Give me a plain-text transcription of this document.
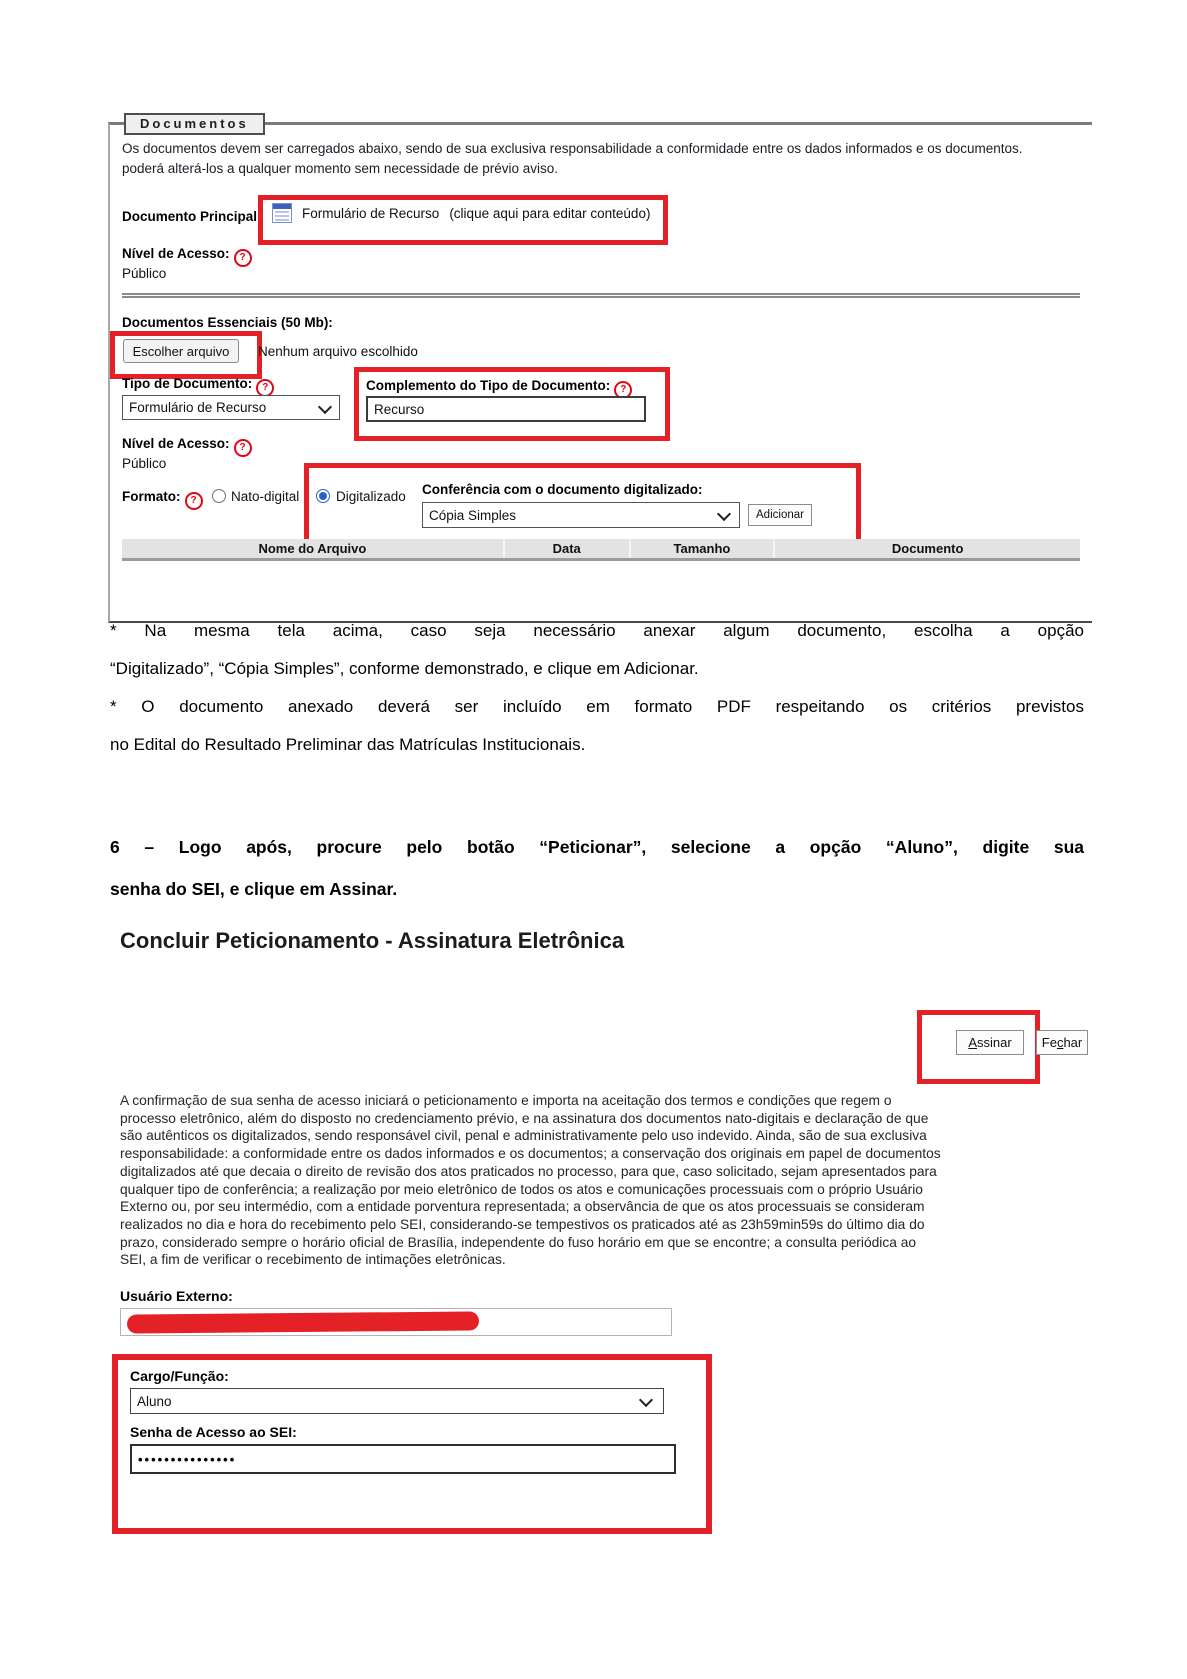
Documentos
Os documentos devem ser carregados abaixo, sendo de sua exclusiva responsabilidade a conformidade entre os dados informados e os documentos.
poderá alterá-los a qualquer momento sem necessidade de prévio aviso.
Documento Principal	Formulário de Recurso (clique aqui para editar conteúdo)
Nível de Acesso: ?
Público
Documentos Essenciais (50 Mb):
Escolher arquivo	Nenhum arquivo escolhido
Tipo de Documento: ?
Formulário de Recurso
Complemento do Tipo de Documento: ?
Recurso
Nível de Acesso: ?
Público
Formato: ?	Nato-digital	Digitalizado Conferência com o documento digitalizado:
Cópia Simples	Adicionar
Nome do Arquivo	Data	Tamanho	Documento
* Na mesma tela acima, caso seja necessário anexar algum documento, escolha a opção
“Digitalizado”, “Cópia Simples”, conforme demonstrado, e clique em Adicionar.
* O documento anexado deverá ser incluído em formato PDF respeitando os critérios previstos
no Edital do Resultado Preliminar das Matrículas Institucionais.
6 – Logo após, procure pelo botão “Peticionar”, selecione a opção “Aluno”, digite sua
senha do SEI, e clique em Assinar.
Concluir Peticionamento - Assinatura Eletrônica
A ssinar Fe c har
A confirmação de sua senha de acesso iniciará o peticionamento e importa na aceitação dos termos e condições que regem o
processo eletrônico, além do disposto no credenciamento prévio, e na assinatura dos documentos nato-digitais e declaração de que
são autênticos os digitalizados, sendo responsável civil, penal e administrativamente pelo uso indevido. Ainda, são de sua exclusiva
responsabilidade: a conformidade entre os dados informados e os documentos; a conservação dos originais em papel de documentos
digitalizados até que decaia o direito de revisão dos atos praticados no processo, para que, caso solicitado, sejam apresentados para
qualquer tipo de conferência; a realização por meio eletrônico de todos os atos e comunicações processuais com o próprio Usuário
Externo ou, por seu intermédio, com a entidade porventura representada; a observância de que os atos processuais se consideram
realizados no dia e hora do recebimento pelo SEI, considerando-se tempestivos os praticados até as 23h59min59s do último dia do
prazo, considerado sempre o horário oficial de Brasília, independente do fuso horário em que se encontre; a consulta periódica ao
SEI, a fim de verificar o recebimento de intimações eletrônicas.
Usuário Externo:
Cargo/Função:
Aluno
Senha de Acesso ao SEI:
•••••••••••••••
